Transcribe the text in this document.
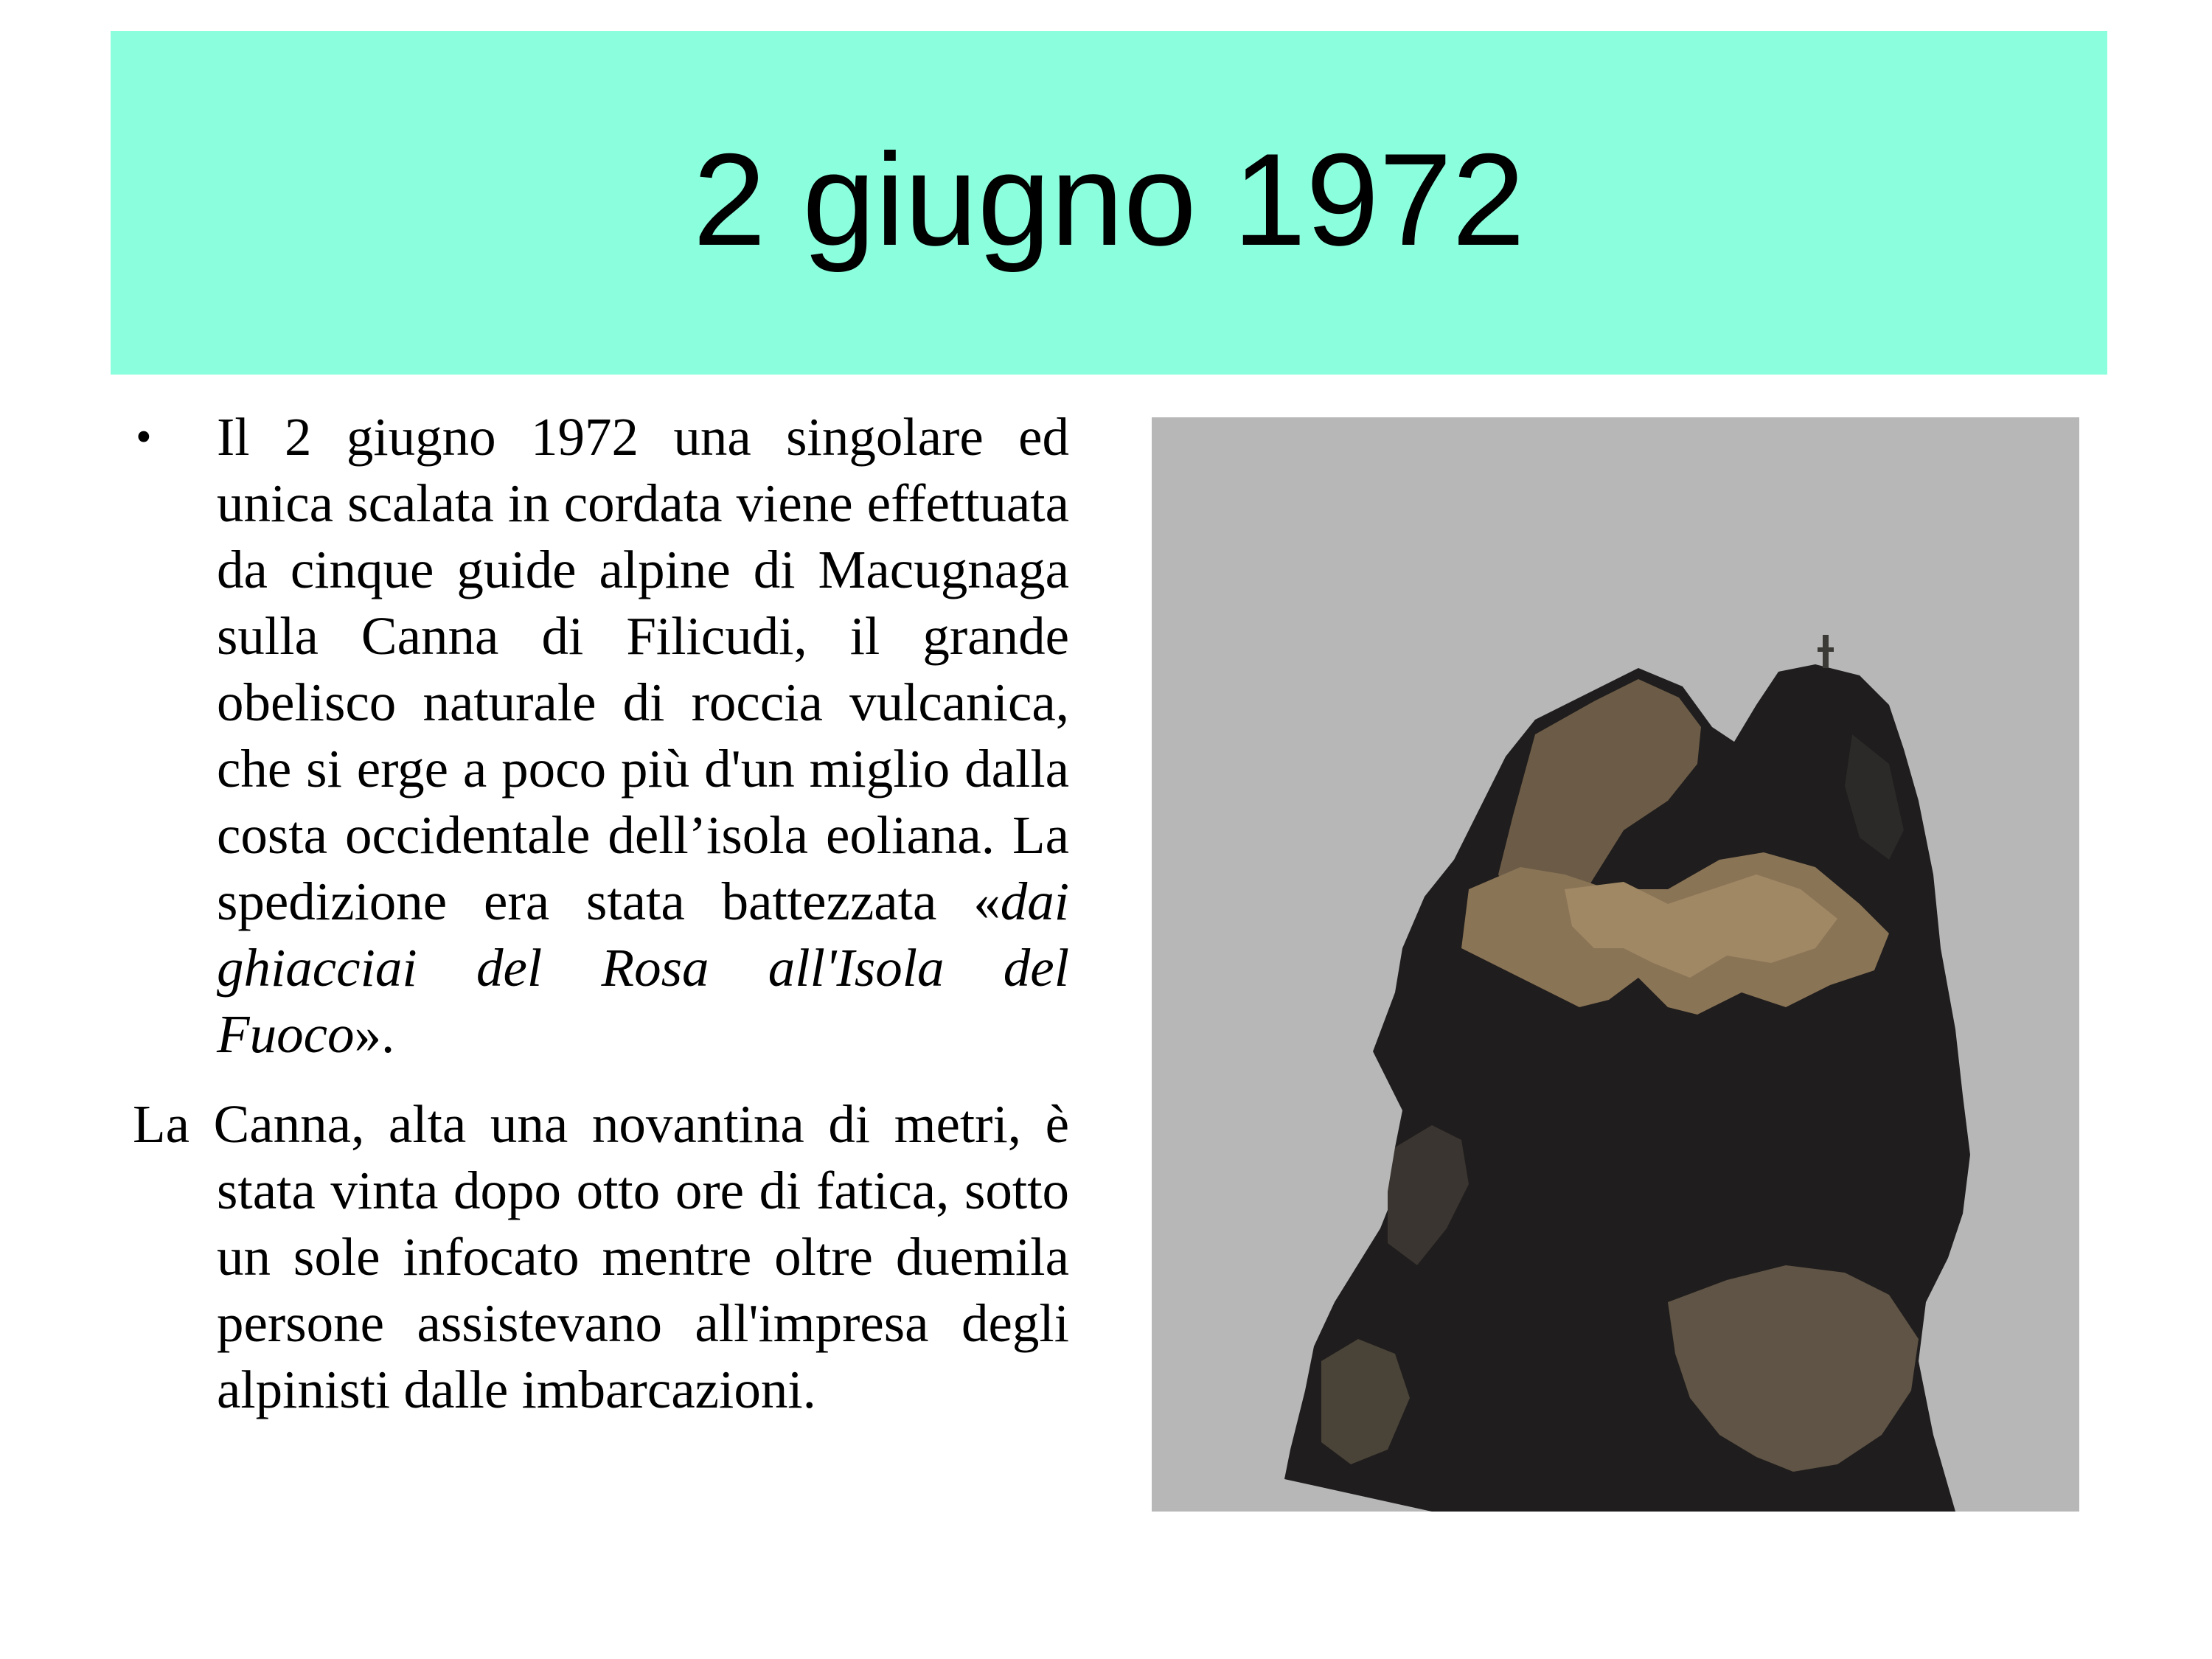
2 giugno 1972

• Il 2 giugno 1972 una singolare ed unica scalata in cordata viene effettuata da cinque guide alpine di Macugnaga sulla Canna di Filicudi, il grande obelisco naturale di roccia vulcanica, che si erge a poco più d'un miglio dalla costa occidentale dell’isola eoliana. La spedizione era stata battezzata «dai ghiacciai del Rosa all'Isola del Fuoco».

La Canna, alta una novantina di metri, è stata vinta dopo otto ore di fatica, sotto un sole infocato mentre oltre duemila persone assistevano all'impresa degli alpinisti dalle imbarcazioni.
